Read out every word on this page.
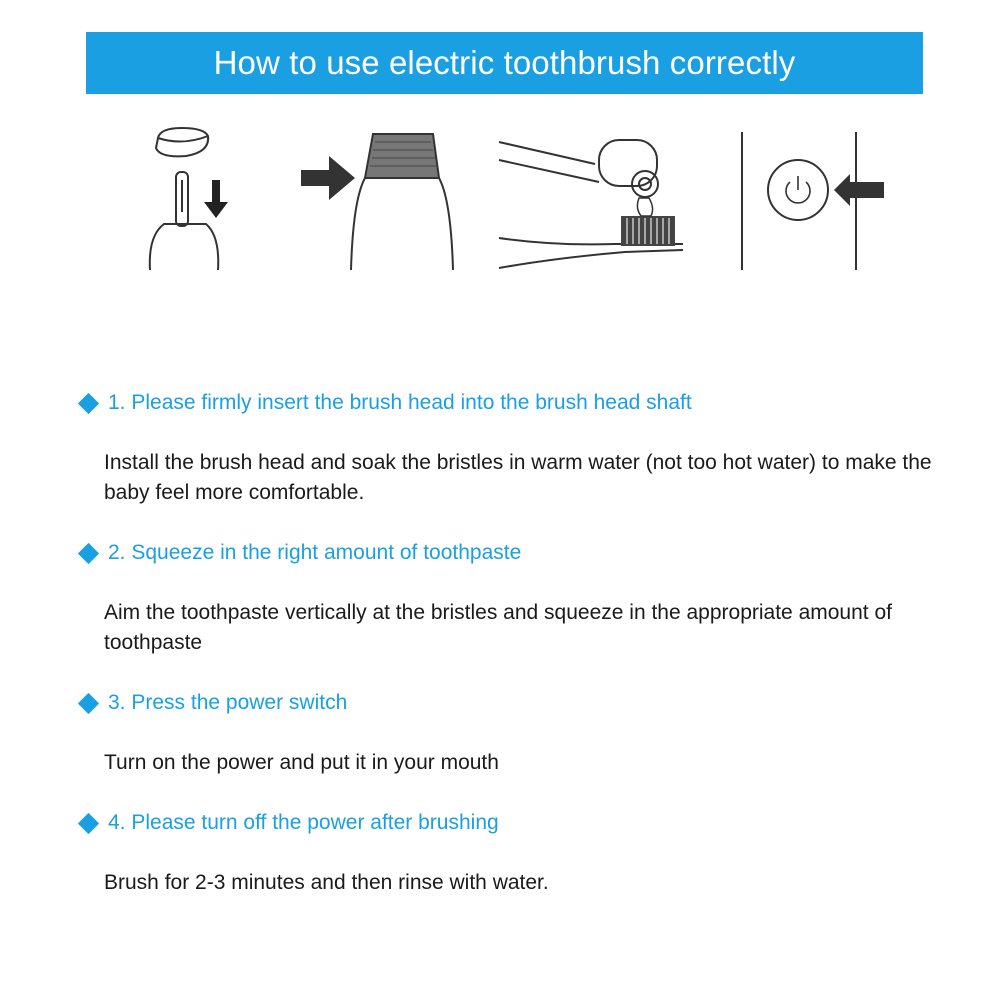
How to use electric toothbrush correctly
1. Please firmly insert the brush head into the brush head shaft
Install the brush head and soak the bristles in warm water (not too hot water) to make the baby feel more comfortable.
2. Squeeze in the right amount of toothpaste
Aim the toothpaste vertically at the bristles and squeeze in the appropriate amount of toothpaste
3. Press the power switch
Turn on the power and put it in your mouth
4. Please turn off the power after brushing
Brush for 2-3 minutes and then rinse with water.
